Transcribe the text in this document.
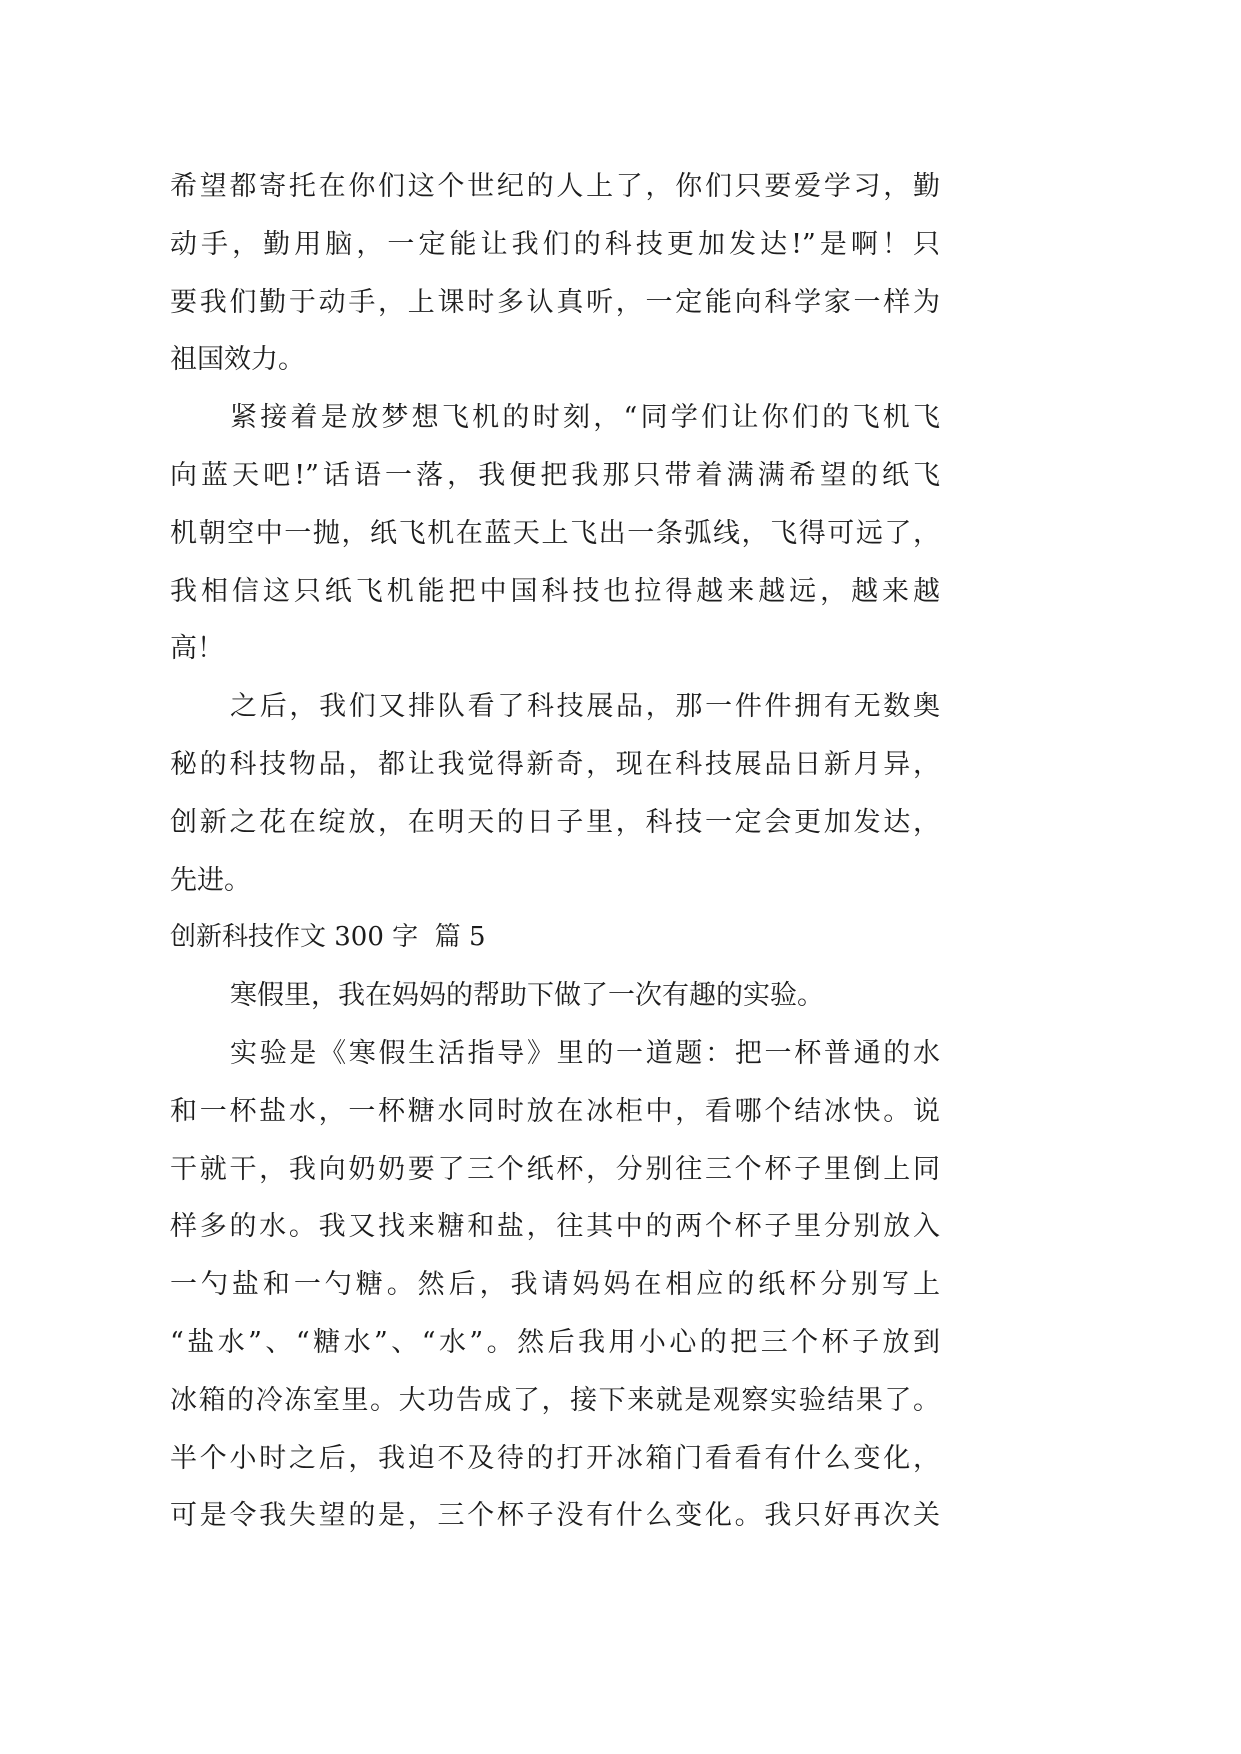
希望都寄托在你们这个世纪的人上了，你们只要爱学习，勤
动手，勤用脑，一定能让我们的科技更加发达!”是啊！只
要我们勤于动手，上课时多认真听，一定能向科学家一样为
祖国效力。
紧接着是放梦想飞机的时刻，“同学们让你们的飞机飞
向蓝天吧!”话语一落，我便把我那只带着满满希望的纸飞
机朝空中一抛，纸飞机在蓝天上飞出一条弧线，飞得可远了，
我相信这只纸飞机能把中国科技也拉得越来越远，越来越
高！
之后，我们又排队看了科技展品，那一件件拥有无数奥
秘的科技物品，都让我觉得新奇，现在科技展品日新月异，
创新之花在绽放，在明天的日子里，科技一定会更加发达，
先进。
创新科技作文 300 字  篇 5
寒假里，我在妈妈的帮助下做了一次有趣的实验。
实验是《寒假生活指导》里的一道题：把一杯普通的水
和一杯盐水，一杯糖水同时放在冰柜中，看哪个结冰快。说
干就干，我向奶奶要了三个纸杯，分别往三个杯子里倒上同
样多的水。我又找来糖和盐，往其中的两个杯子里分别放入
一勺盐和一勺糖。然后，我请妈妈在相应的纸杯分别写上
“盐水”、“糖水”、“水”。然后我用小心的把三个杯子放到
冰箱的冷冻室里。大功告成了，接下来就是观察实验结果了。
半个小时之后，我迫不及待的打开冰箱门看看有什么变化，
可是令我失望的是，三个杯子没有什么变化。我只好再次关
